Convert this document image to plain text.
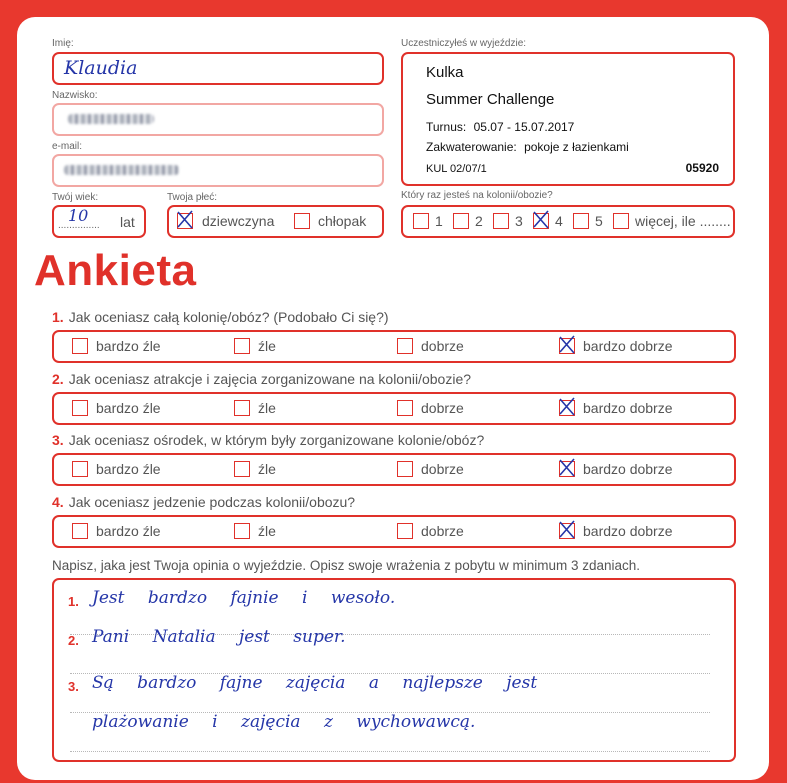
Imię:
Klaudia
Nazwisko:
e-mail:
Twój wiek:
...............
10 lat
Twoja płeć:
dziewczyna	chłopak
Uczestniczyłeś w wyjeździe:
Kulka
Summer Challenge
Turnus: 05.07 - 15.07.2017
Zakwaterowanie: pokoje z łazienkami
KUL 02/07/1	05920
Który raz jesteś na kolonii/obozie?
1 2 3 4 5 więcej, ile ........
Ankieta
1. Jak oceniasz całą kolonię/obóz? (Podobało Ci się?)
bardzo źle	źle	dobrze	bardzo dobrze
2. Jak oceniasz atrakcje i zajęcia zorganizowane na kolonii/obozie?
bardzo źle	źle	dobrze	bardzo dobrze
3. Jak oceniasz ośrodek, w którym były zorganizowane kolonie/obóz?
bardzo źle	źle	dobrze	bardzo dobrze
4. Jak oceniasz jedzenie podczas kolonii/obozu?
bardzo źle	źle	dobrze	bardzo dobrze
Napisz, jaka jest Twoja opinia o wyjeździe. Opisz swoje wrażenia z pobytu w minimum 3 zdaniach.
1. Jest bardzo fajnie i wesoło.
2. Pani Natalia jest super.
3. Są bardzo fajne zajęcia a najlepsze jest
plażowanie i zajęcia z wychowawcą.
